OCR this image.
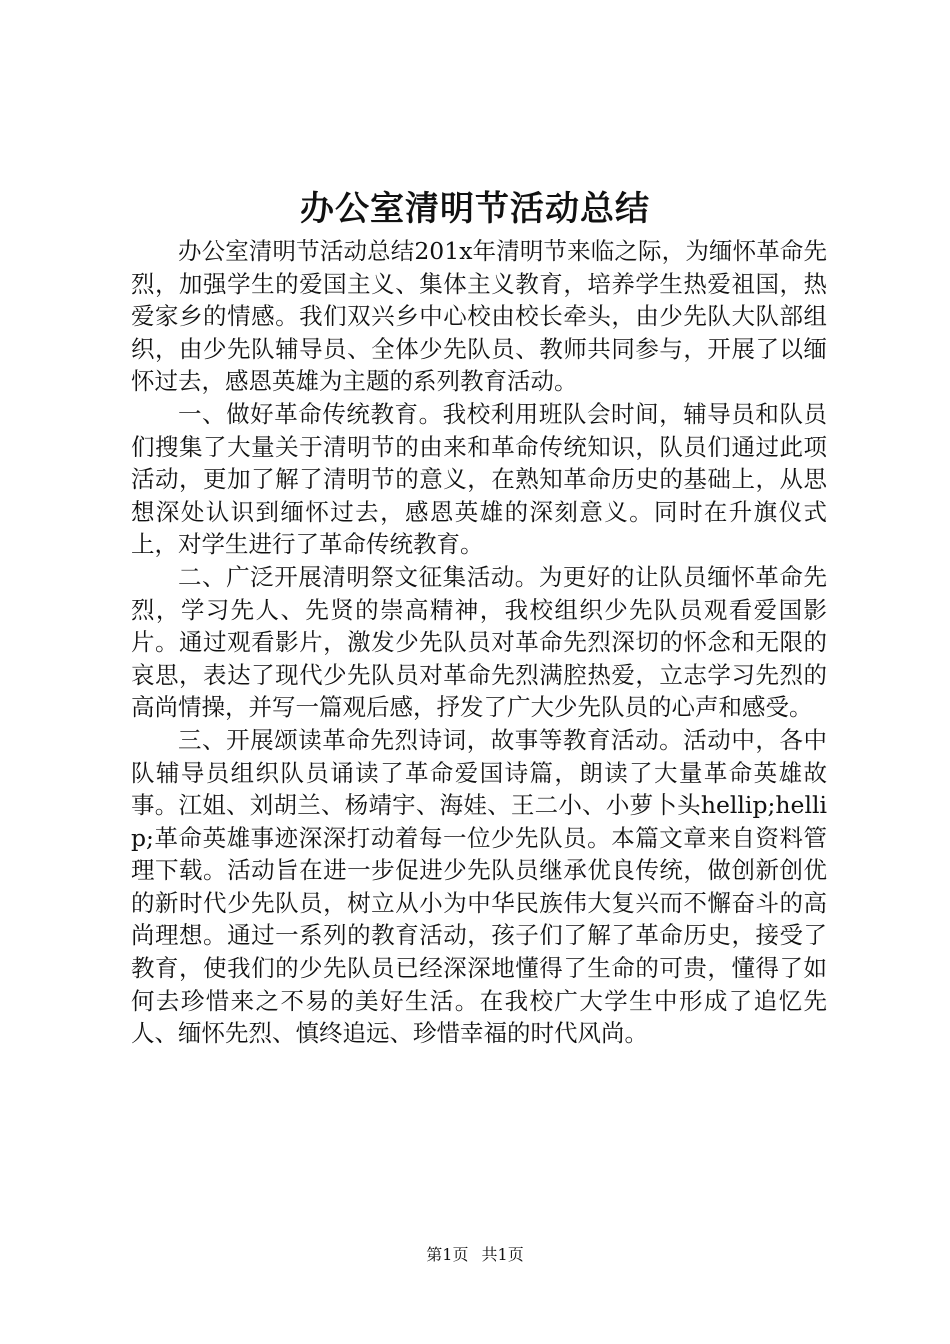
办公室清明节活动总结

办公室清明节活动总结201x年清明节来临之际，为缅怀革命先烈，加强学生的爱国主义、集体主义教育，培养学生热爱祖国，热爱家乡的情感。我们双兴乡中心校由校长牵头，由少先队大队部组织，由少先队辅导员、全体少先队员、教师共同参与，开展了以缅怀过去，感恩英雄为主题的系列教育活动。

一、做好革命传统教育。我校利用班队会时间，辅导员和队员们搜集了大量关于清明节的由来和革命传统知识，队员们通过此项活动，更加了解了清明节的意义，在熟知革命历史的基础上，从思想深处认识到缅怀过去，感恩英雄的深刻意义。同时在升旗仪式上，对学生进行了革命传统教育。

二、广泛开展清明祭文征集活动。为更好的让队员缅怀革命先烈，学习先人、先贤的崇高精神，我校组织少先队员观看爱国影片。通过观看影片，激发少先队员对革命先烈深切的怀念和无限的哀思，表达了现代少先队员对革命先烈满腔热爱，立志学习先烈的高尚情操，并写一篇观后感，抒发了广大少先队员的心声和感受。

三、开展颂读革命先烈诗词，故事等教育活动。活动中，各中队辅导员组织队员诵读了革命爱国诗篇，朗读了大量革命英雄故事。江姐、刘胡兰、杨靖宇、海娃、王二小、小萝卜头hellip;hellip;革命英雄事迹深深打动着每一位少先队员。本篇文章来自资料管理下载。活动旨在进一步促进少先队员继承优良传统，做创新创优的新时代少先队员，树立从小为中华民族伟大复兴而不懈奋斗的高尚理想。通过一系列的教育活动，孩子们了解了革命历史，接受了教育，使我们的少先队员已经深深地懂得了生命的可贵，懂得了如何去珍惜来之不易的美好生活。在我校广大学生中形成了追忆先人、缅怀先烈、慎终追远、珍惜幸福的时代风尚。

第1页 共1页
